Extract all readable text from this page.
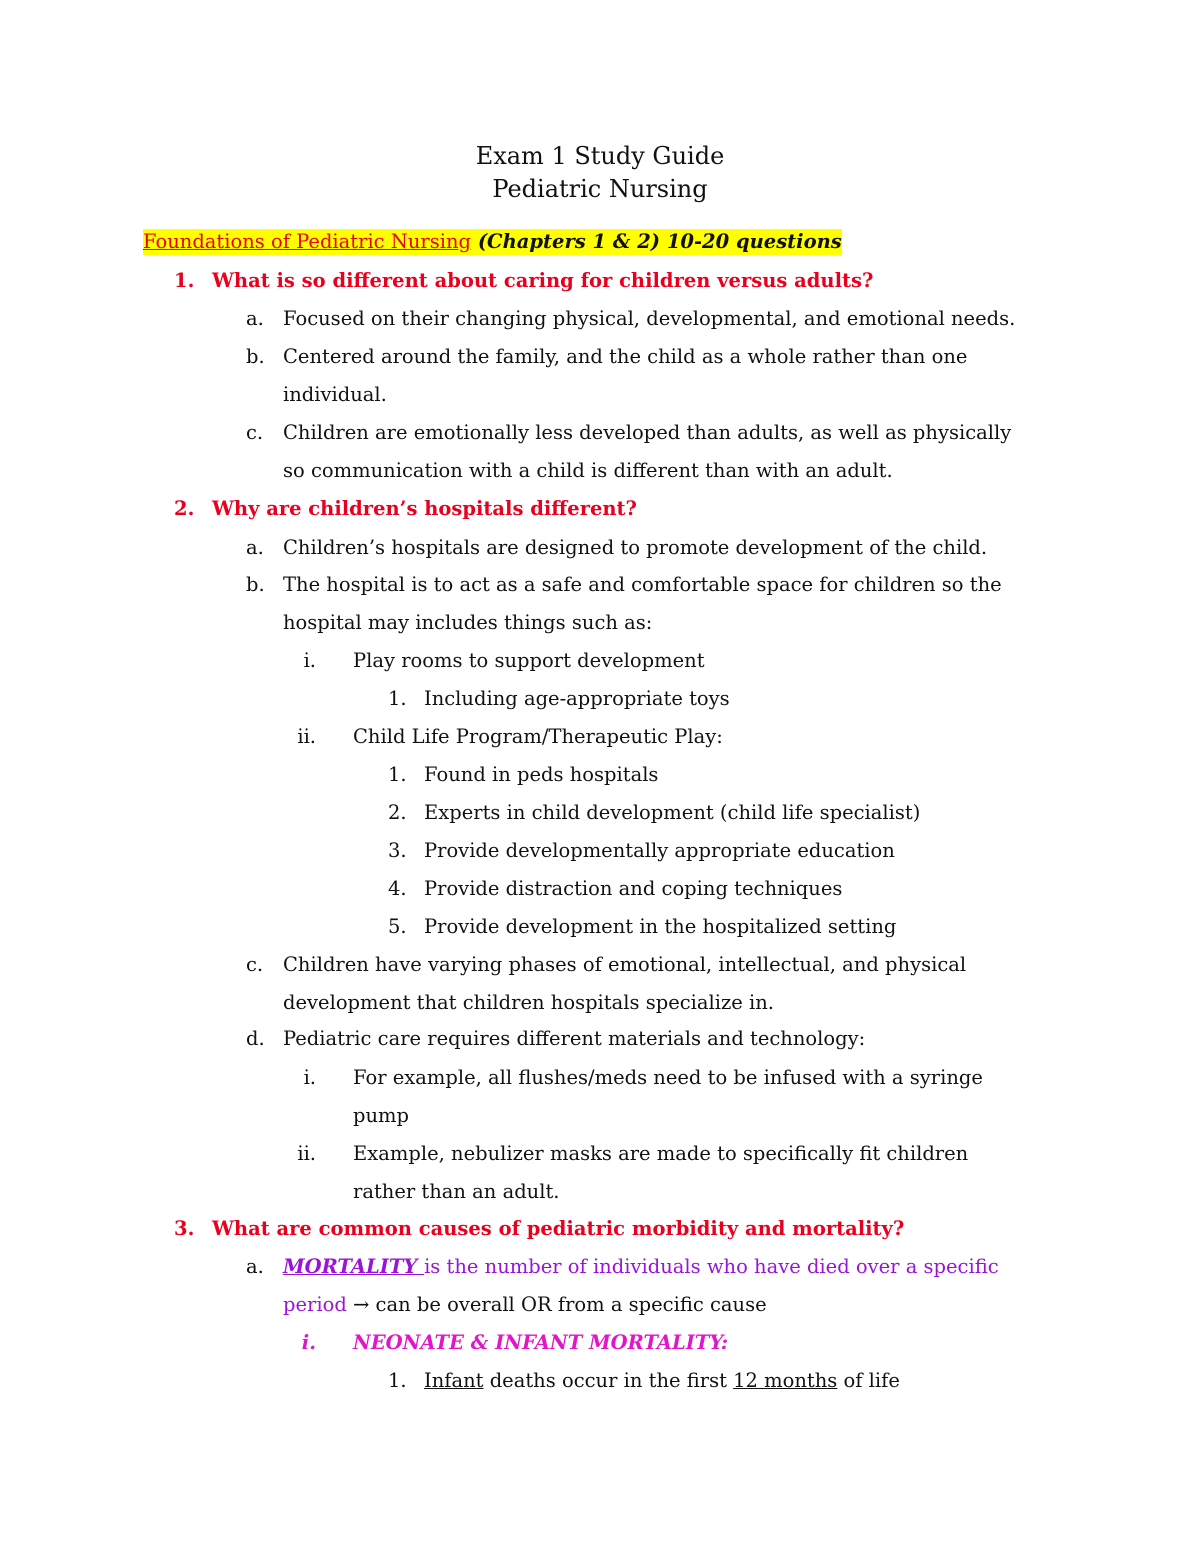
Exam 1 Study Guide
Pediatric Nursing
Foundations of Pediatric Nursing (Chapters 1 & 2) 10-20 questions
1. What is so different about caring for children versus adults?
a. Focused on their changing physical, developmental, and emotional needs.
b. Centered around the family, and the child as a whole rather than one
individual.
c. Children are emotionally less developed than adults, as well as physically
so communication with a child is different than with an adult.
2. Why are children’s hospitals different?
a. Children’s hospitals are designed to promote development of the child.
b. The hospital is to act as a safe and comfortable space for children so the
hospital may includes things such as:
i. Play rooms to support development
1. Including age-appropriate toys
ii. Child Life Program/Therapeutic Play:
1. Found in peds hospitals
2. Experts in child development (child life specialist)
3. Provide developmentally appropriate education
4. Provide distraction and coping techniques
5. Provide development in the hospitalized setting
c. Children have varying phases of emotional, intellectual, and physical
development that children hospitals specialize in.
d. Pediatric care requires different materials and technology:
i. For example, all flushes/meds need to be infused with a syringe
pump
ii. Example, nebulizer masks are made to specifically fit children
rather than an adult.
3. What are common causes of pediatric morbidity and mortality?
a. MORTALITY is the number of individuals who have died over a specific
period → can be overall OR from a specific cause
i. NEONATE & INFANT MORTALITY:
1. Infant deaths occur in the first 12 months of life
